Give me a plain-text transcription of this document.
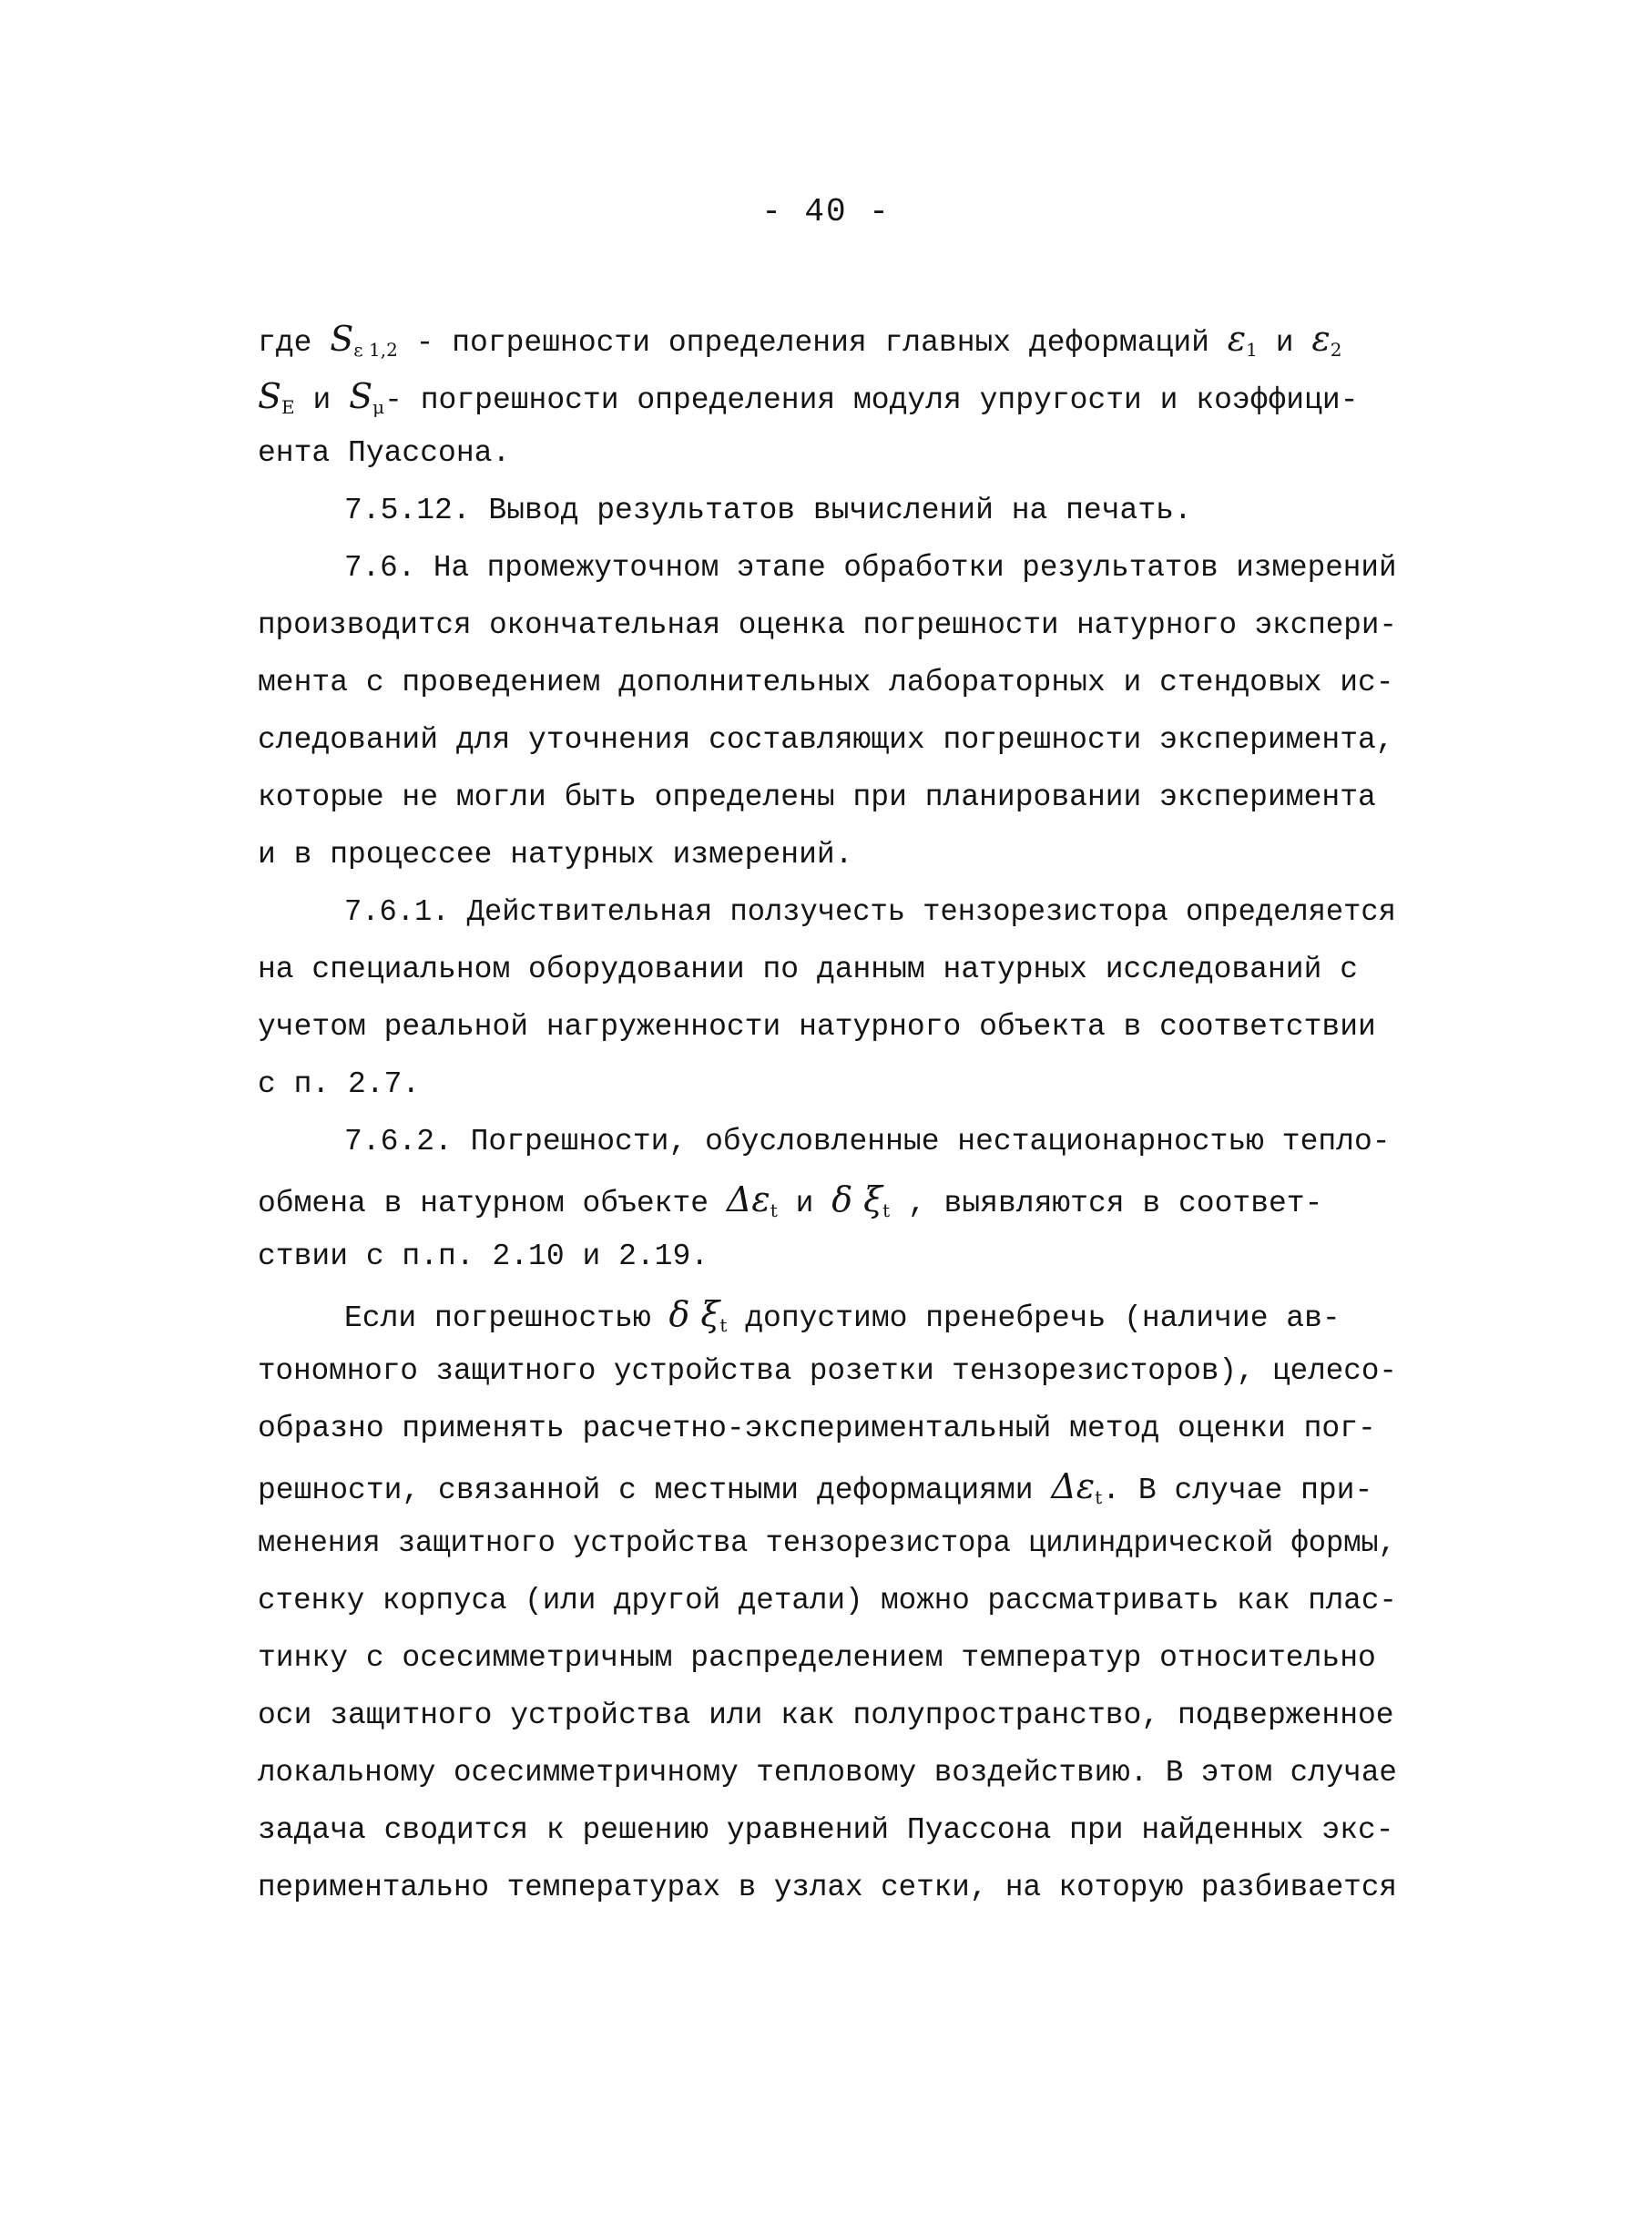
- 40 -
где $S_{\varepsilon 1,2}$ - погрешности определения главных деформаций $\varepsilon_1$ и $\varepsilon_2$
$S_E$ и $S_\mu-$ погрешности определения модуля упругости и коэффици-
ента Пуассона.
7.5.12. Вывод результатов вычислений на печать.
7.6. На промежуточном этапе обработки результатов измерений
производится окончательная оценка погрешности натурного экспери-
мента с проведением дополнительных лабораторных и стендовых ис-
следований для уточнения составляющих погрешности эксперимента,
которые не могли быть определены при планировании эксперимента
и в процессее натурных измерений.
7.6.1. Действительная ползучесть тензорезистора определяется
на специальном оборудовании по данным натурных исследований с
учетом реальной нагруженности натурного объекта в соответствии
с п. 2.7.
7.6.2. Погрешности, обусловленные нестационарностью тепло-
обмена в натурном объекте $\Delta\varepsilon_t$ и δ $\xi_t$ , выявляются в соответ-
ствии с п.п. 2.10 и 2.19.
Если погрешностью δ $\xi_t$ допустимо пренебречь (наличие ав-
тономного защитного устройства розетки тензорезисторов), целесо-
образно применять расчетно-экспериментальный метод оценки пог-
решности, связанной с местными деформациями $\Delta\varepsilon_t$. В случае при-
менения защитного устройства тензорезистора цилиндрической формы,
стенку корпуса (или другой детали) можно рассматривать как плас-
тинку с осесимметричным распределением температур относительно
оси защитного устройства или как полупространство, подверженное
локальному осесимметричному тепловому воздействию. В этом случае
задача сводится к решению уравнений Пуассона при найденных экс-
периментально температурах в узлах сетки, на которую разбивается
